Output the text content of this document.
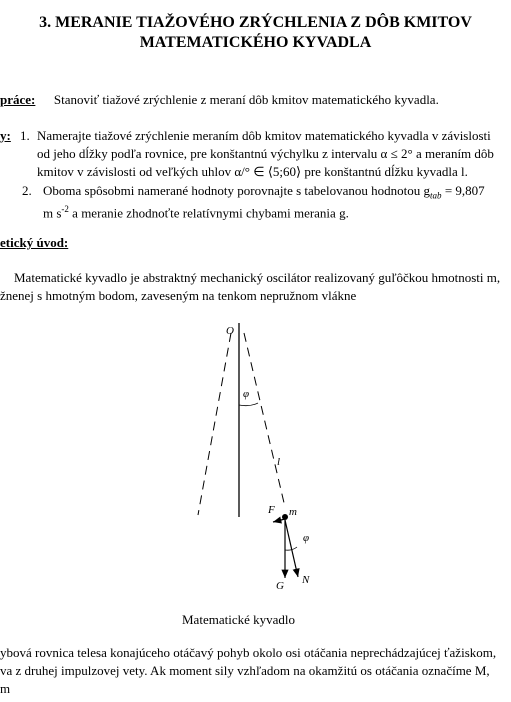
3. MERANIE TIAŽOVÉHO ZRÝCHLENIA Z DÔB KMITOV
MATEMATICKÉHO KYVADLA
práce: Stanoviť tiažové zrýchlenie z meraní dôb kmitov matematického kyvadla.
y: 1. Namerajte tiažové zrýchlenie meraním dôb kmitov matematického kyvadla v závislosti
od jeho dĺžky podľa rovnice, pre konštantnú výchylku z intervalu α ≤ 2° a meraním dôb
kmitov v závislosti od veľkých uhlov α/° ∈ ⟨5;60⟩ pre konštantnú dĺžku kyvadla l.
2. Oboma spôsobmi namerané hodnoty porovnajte s tabelovanou hodnotou $g_{tab} = 9,807$
m $s^{-2}$ a meranie zhodnoťte relatívnymi chybami merania g.
etický úvod:
Matematické kyvadlo je abstraktný mechanický oscilátor realizovaný guľôčkou hmotnosti m,
žnenej s hmotným bodom, zaveseným na tenkom nepružnom vlákne
O
φ
l
F m
φ
G N
Matematické kyvadlo
ybová rovnica telesa konajúceho otáčavý pohyb okolo osi otáčania neprechádzajúcej ťažiskom,
va z druhej impulzovej vety. Ak moment sily vzhľadom na okamžitú os otáčania označíme M,
m
